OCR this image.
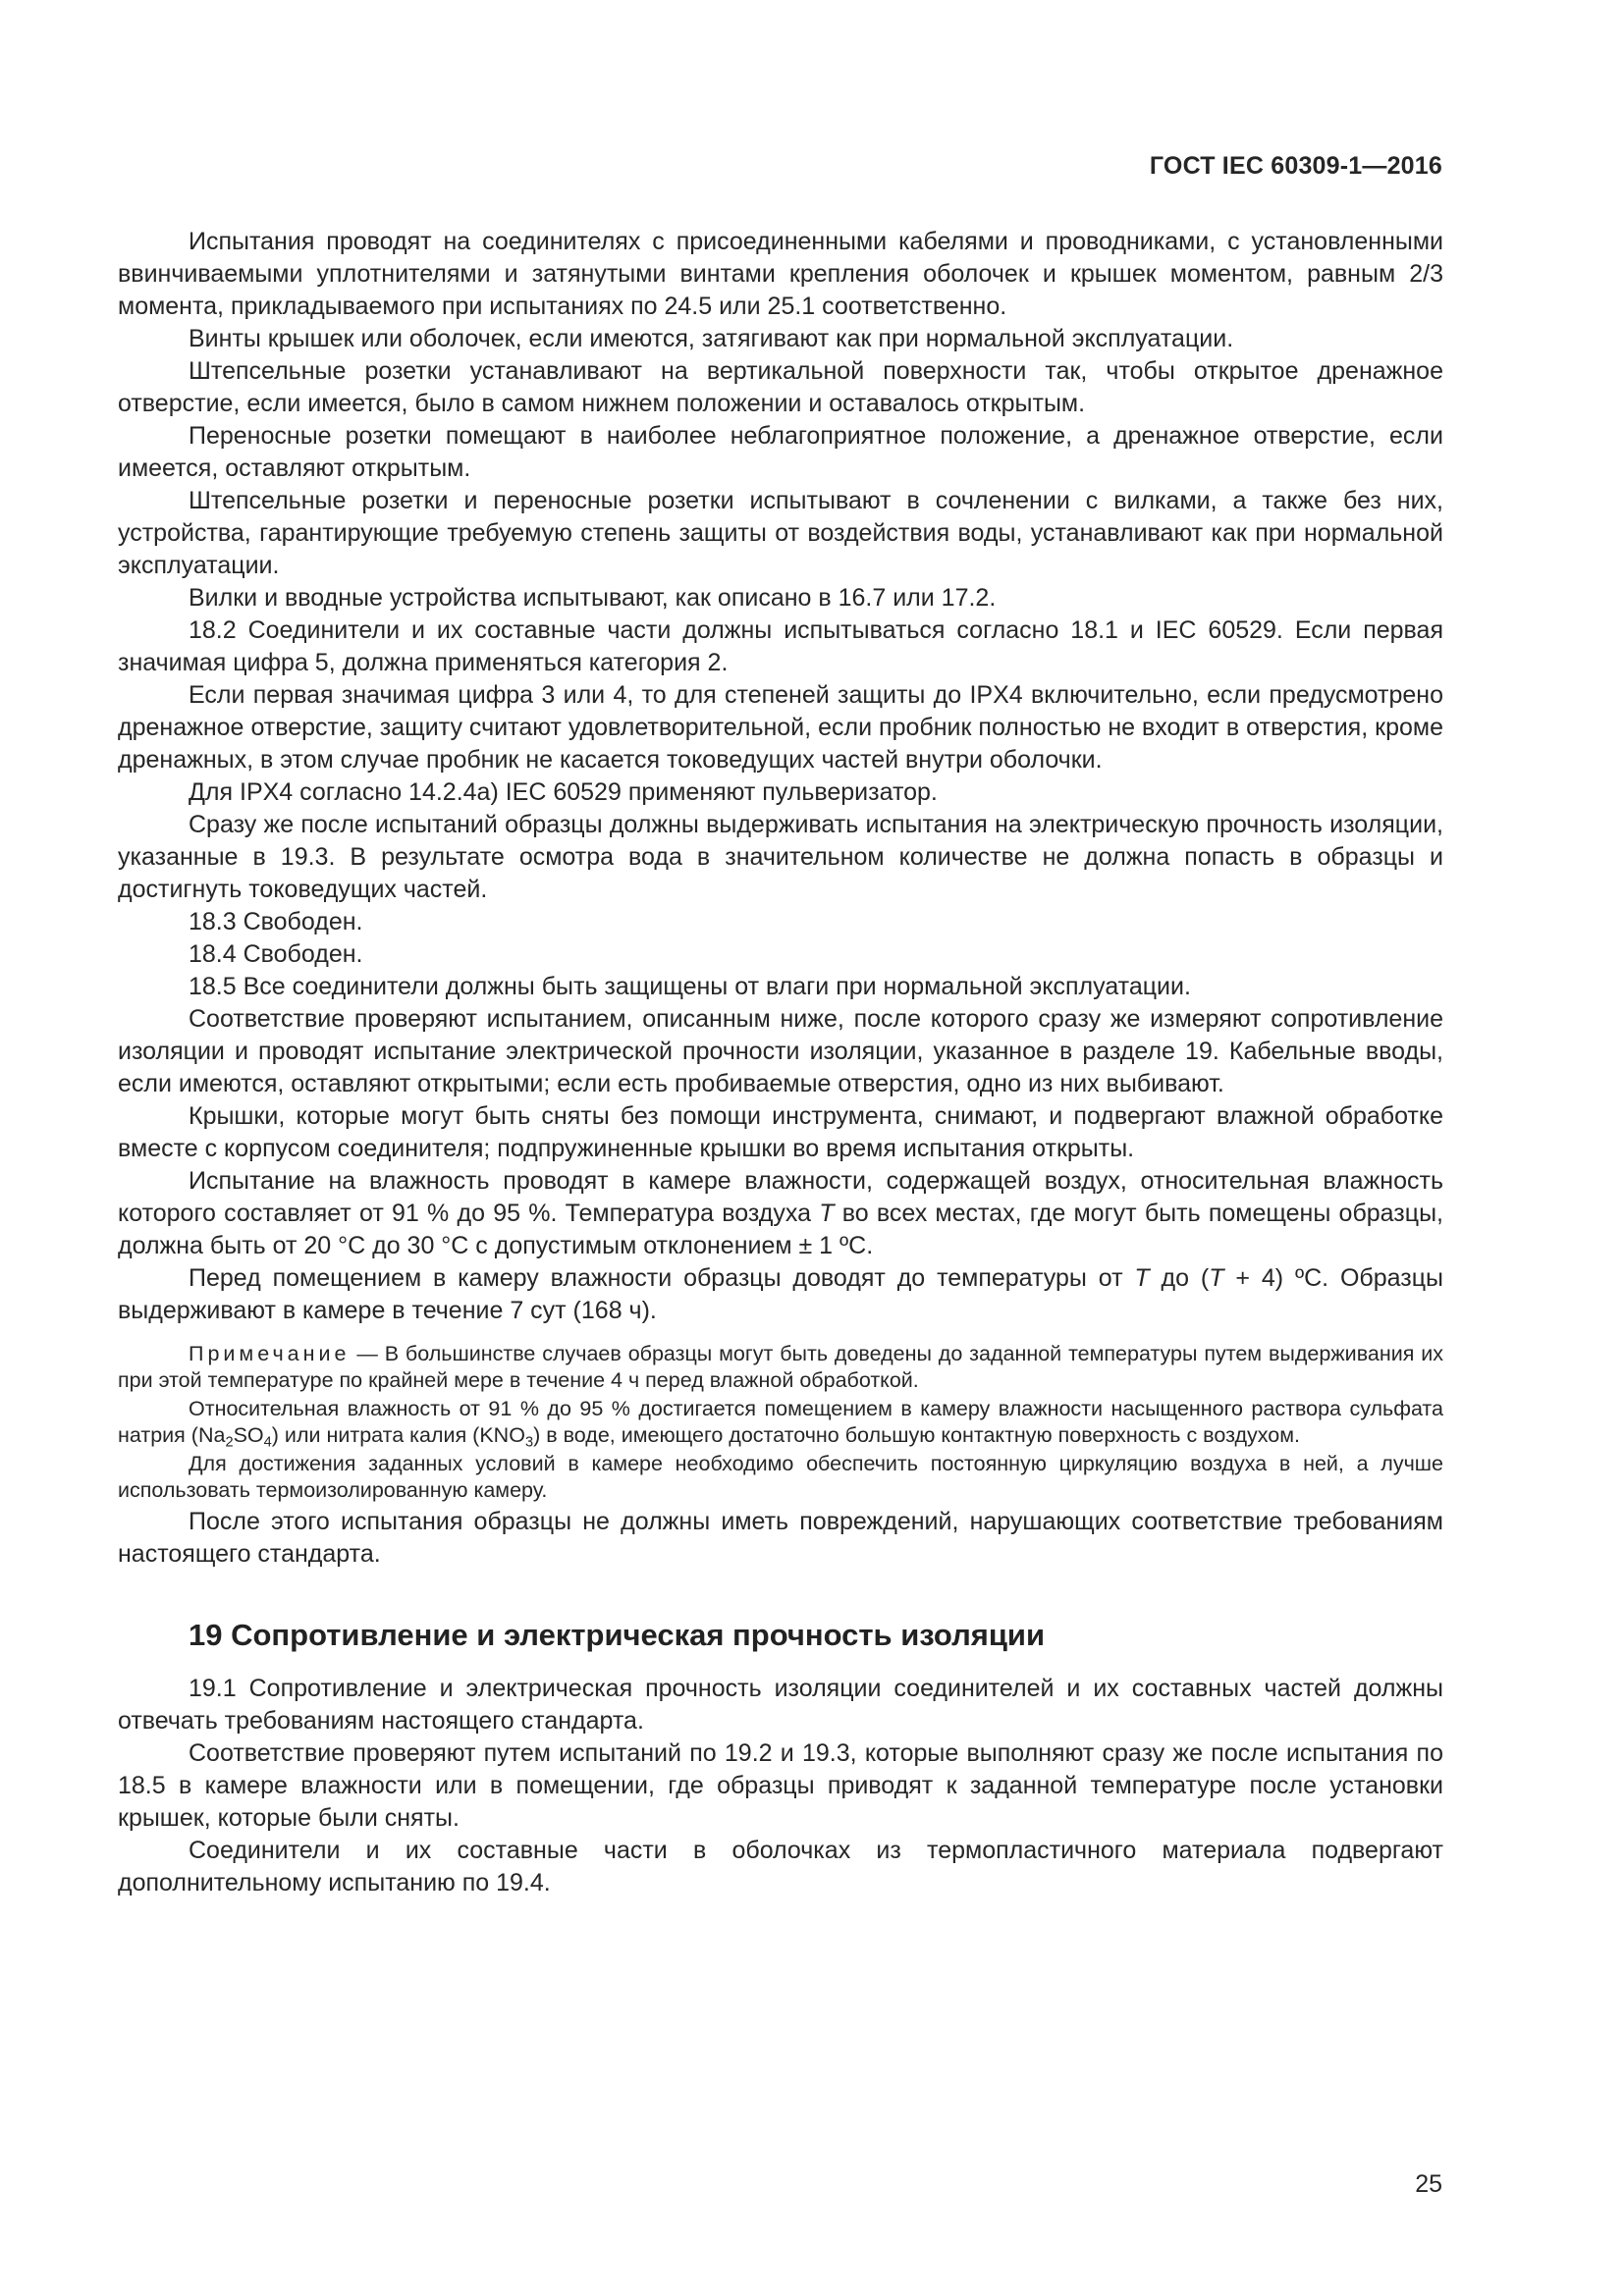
ГОСТ IEC 60309-1—2016

Испытания проводят на соединителях с присоединенными кабелями и проводниками, с установленными ввинчиваемыми уплотнителями и затянутыми винтами крепления оболочек и крышек моментом, равным 2/3 момента, прикладываемого при испытаниях по 24.5 или 25.1 соответственно.

Винты крышек или оболочек, если имеются, затягивают как при нормальной эксплуатации.

Штепсельные розетки устанавливают на вертикальной поверхности так, чтобы открытое дренажное отверстие, если имеется, было в самом нижнем положении и оставалось открытым.

Переносные розетки помещают в наиболее неблагоприятное положение, а дренажное отверстие, если имеется, оставляют открытым.

Штепсельные розетки и переносные розетки испытывают в сочленении с вилками, а также без них, устройства, гарантирующие требуемую степень защиты от воздействия воды, устанавливают как при нормальной эксплуатации.

Вилки и вводные устройства испытывают, как описано в 16.7 или 17.2.

18.2 Соединители и их составные части должны испытываться согласно 18.1 и IEC 60529. Если первая значимая цифра 5, должна применяться категория 2.

Если первая значимая цифра 3 или 4, то для степеней защиты до IPX4 включительно, если предусмотрено дренажное отверстие, защиту считают удовлетворительной, если пробник полностью не входит в отверстия, кроме дренажных, в этом случае пробник не касается токоведущих частей внутри оболочки.

Для IPX4 согласно 14.2.4а) IEC 60529 применяют пульверизатор.

Сразу же после испытаний образцы должны выдерживать испытания на электрическую прочность изоляции, указанные в 19.3. В результате осмотра вода в значительном количестве не должна попасть в образцы и достигнуть токоведущих частей.

18.3 Свободен.

18.4 Свободен.

18.5 Все соединители должны быть защищены от влаги при нормальной эксплуатации.

Соответствие проверяют испытанием, описанным ниже, после которого сразу же измеряют сопротивление изоляции и проводят испытание электрической прочности изоляции, указанное в разделе 19. Кабельные вводы, если имеются, оставляют открытыми; если есть пробиваемые отверстия, одно из них выбивают.

Крышки, которые могут быть сняты без помощи инструмента, снимают, и подвергают влажной обработке вместе с корпусом соединителя; подпружиненные крышки во время испытания открыты.

Испытание на влажность проводят в камере влажности, содержащей воздух, относительная влажность которого составляет от 91 % до 95 %. Температура воздуха T во всех местах, где могут быть помещены образцы, должна быть от 20 °C до 30 °C с допустимым отклонением ± 1 ºС.

Перед помещением в камеру влажности образцы доводят до температуры от T до (T + 4) ºС. Образцы выдерживают в камере в течение 7 сут (168 ч).

Примечание — В большинстве случаев образцы могут быть доведены до заданной температуры путем выдерживания их при этой температуре по крайней мере в течение 4 ч перед влажной обработкой.

Относительная влажность от 91 % до 95 % достигается помещением в камеру влажности насыщенного раствора сульфата натрия $(Na_2SO_4)$ или нитрата калия $(KNO_3)$ в воде, имеющего достаточно большую контактную поверхность с воздухом.

Для достижения заданных условий в камере необходимо обеспечить постоянную циркуляцию воздуха в ней, а лучше использовать термоизолированную камеру.

После этого испытания образцы не должны иметь повреждений, нарушающих соответствие требованиям настоящего стандарта.

19 Сопротивление и электрическая прочность изоляции

19.1 Сопротивление и электрическая прочность изоляции соединителей и их составных частей должны отвечать требованиям настоящего стандарта.

Соответствие проверяют путем испытаний по 19.2 и 19.3, которые выполняют сразу же после испытания по 18.5 в камере влажности или в помещении, где образцы приводят к заданной температуре после установки крышек, которые были сняты.

Соединители и их составные части в оболочках из термопластичного материала подвергают дополнительному испытанию по 19.4.

25
